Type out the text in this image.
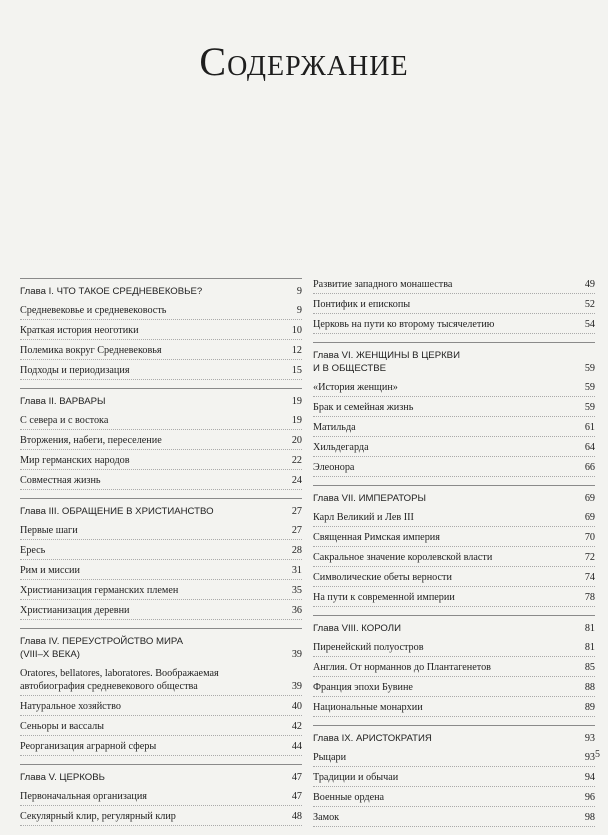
Содержание
Глава I. ЧТО ТАКОЕ СРЕДНЕВЕКОВЬЕ?	9
Средневековье и средневековость	9
Краткая история неоготики	10
Полемика вокруг Средневековья	12
Подходы и периодизация	15
Глава II. ВАРВАРЫ	19
С севера и с востока	19
Вторжения, набеги, переселение	20
Мир германских народов	22
Совместная жизнь	24
Глава III. ОБРАЩЕНИЕ В ХРИСТИАНСТВО	27
Первые шаги	27
Ересь	28
Рим и миссии	31
Христианизация германских племен	35
Христианизация деревни	36
Глава IV. ПЕРЕУСТРОЙСТВО МИРА
(VIII–X ВЕКА)	39
Oratores, bellatores, laboratores. Воображаемая
автобиография средневекового общества	39
Натуральное хозяйство	40
Сеньоры и вассалы	42
Реорганизация аграрной сферы	44
Глава V. ЦЕРКОВЬ	47
Первоначальная организация	47
Секулярный клир, регулярный клир	48
Развитие западного монашества	49
Понтифик и епископы	52
Церковь на пути ко второму тысячелетию	54
Глава VI. ЖЕНЩИНЫ В ЦЕРКВИ
И В ОБЩЕСТВЕ	59
«История женщин»	59
Брак и семейная жизнь	59
Матильда	61
Хильдегарда	64
Элеонора	66
Глава VII. ИМПЕРАТОРЫ	69
Карл Великий и Лев III	69
Священная Римская империя	70
Сакральное значение королевской власти	72
Символические обеты верности	74
На пути к современной империи	78
Глава VIII. КОРОЛИ	81
Пиренейский полуостров	81
Англия. От норманнов до Плантагенетов	85
Франция эпохи Бувине	88
Национальные монархии	89
Глава IX. АРИСТОКРАТИЯ	93
Рыцари	93
Традиции и обычаи	94
Военные ордена	96
Замок	98
5
